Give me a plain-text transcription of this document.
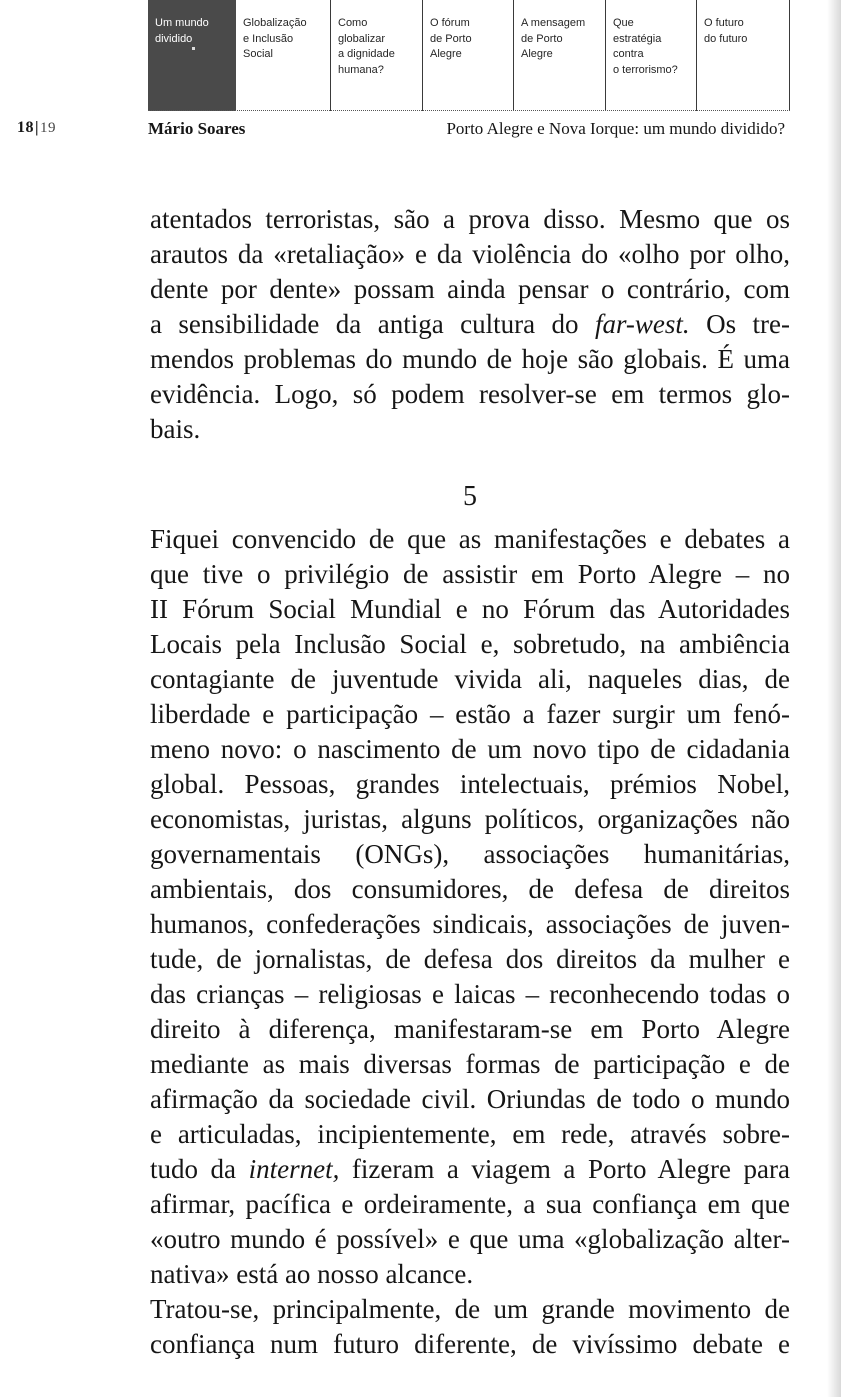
Um mundo
dividido
Globalização
e Inclusão
Social
Como
globalizar
a dignidade
humana?
O fórum
de Porto
Alegre
A mensagem
de Porto
Alegre
Que
estratégia
contra
o terrorismo?
O futuro
do futuro
18|19	Mário Soares	Porto Alegre e Nova Iorque: um mundo dividido?
atentados terroristas, são a prova disso. Mesmo que os
arautos da «retaliação» e da violência do «olho por olho,
dente por dente» possam ainda pensar o contrário, com
a sensibilidade da antiga cultura do far-west. Os tre-
mendos problemas do mundo de hoje são globais. É uma
evidência. Logo, só podem resolver-se em termos glo-
bais.
5
Fiquei convencido de que as manifestações e debates a
que tive o privilégio de assistir em Porto Alegre – no
II Fórum Social Mundial e no Fórum das Autoridades
Locais pela Inclusão Social e, sobretudo, na ambiência
contagiante de juventude vivida ali, naqueles dias, de
liberdade e participação – estão a fazer surgir um fenó-
meno novo: o nascimento de um novo tipo de cidadania
global. Pessoas, grandes intelectuais, prémios Nobel,
economistas, juristas, alguns políticos, organizações não
governamentais (ONGs), associações humanitárias,
ambientais, dos consumidores, de defesa de direitos
humanos, confederações sindicais, associações de juven-
tude, de jornalistas, de defesa dos direitos da mulher e
das crianças – religiosas e laicas – reconhecendo todas o
direito à diferença, manifestaram-se em Porto Alegre
mediante as mais diversas formas de participação e de
afirmação da sociedade civil. Oriundas de todo o mundo
e articuladas, incipientemente, em rede, através sobre-
tudo da internet, fizeram a viagem a Porto Alegre para
afirmar, pacífica e ordeiramente, a sua confiança em que
«outro mundo é possível» e que uma «globalização alter-
nativa» está ao nosso alcance.
Tratou-se, principalmente, de um grande movimento de
confiança num futuro diferente, de vivíssimo debate e
